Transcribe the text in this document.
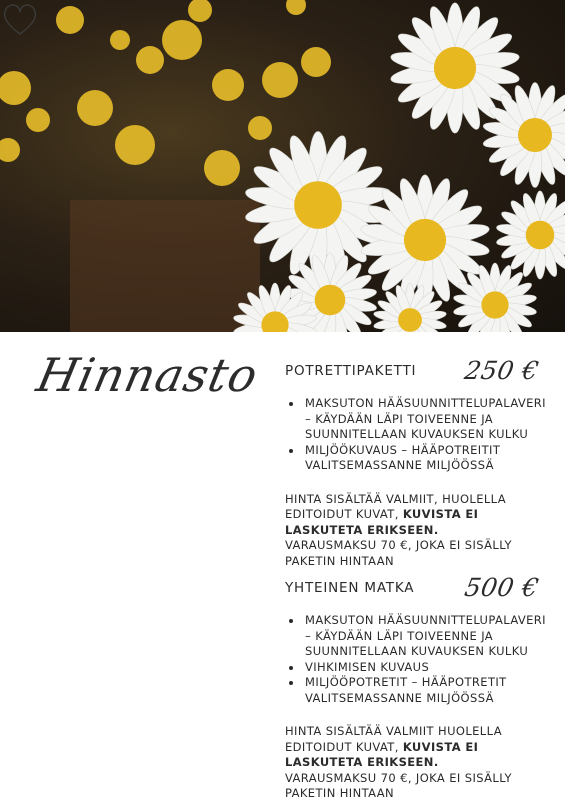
Hinnasto POTRETTIPAKETTI 250 €
• MAKSUTON HÄÄSUUNNITTELUPALAVERI – KÄYDÄÄN LÄPI TOIVEENNE JA SUUNNITELLAAN KUVAUKSEN KULKU
• MILJÖÖKUVAUS – HÄÄPOTREITIT VALITSEMASSANNE MILJÖÖSSÄ
HINTA SISÄLTÄÄ VALMIIT, HUOLELLA EDITOIDUT KUVAT, KUVISTA EI LASKUTETA ERIKSEEN.
VARAUSMAKSU 70 €, JOKA EI SISÄLLY PAKETIN HINTAAN
YHTEINEN MATKA 500 €
• MAKSUTON HÄÄSUUNNITTELUPALAVERI – KÄYDÄÄN LÄPI TOIVEENNE JA SUUNNITELLAAN KUVAUKSEN KULKU
• VIHKIMISEN KUVAUS
• MILJÖÖPOTRETIT – HÄÄPOTRETIT VALITSEMASSANNE MILJÖÖSSÄ
HINTA SISÄLTÄÄ VALMIIT HUOLELLA EDITOIDUT KUVAT, KUVISTA EI LASKUTETA ERIKSEEN.
VARAUSMAKSU 70 €, JOKA EI SISÄLLY PAKETIN HINTAAN
